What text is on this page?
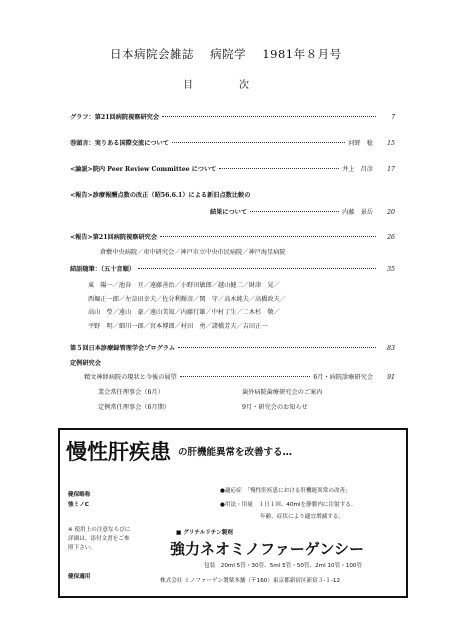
日本病院会雑誌 病院学 1981年８月号
目　次
グラフ：第21回病院視察研究会	7
巻頭言：実りある国際交流について	河野　稔	15
<論説>院内 Peer Review Committee について	井上　昌彦	17
<報告>診療報酬点数の改正（昭56.6.1）による新旧点数比較の
結果について	内藤　景岳	20
<報告>第21回病院視察研究会	26
倉敷中央病院／車中研究会／神戸市立中央市民病院／神戸海星病院
結語随筆：（五十音順）	35
東　陽一／池谷　亘／遠藤善治／小野田敏郎／越山健二／財津　晃／
西堀正一郎／左奈田幸夫／佐分利輝彦／関　守／高木純夫／高橋政夫／
高山　瑩／遠山　豪／遠山美知／内藤行雄／中村丁生／二木杉　敬／
平野　明／細川一郎／宮本博郎／村田　勇／諸橋芳夫／吉田正一
第５回日本診療録管理学会プログラム	83
定例研究会
精文神経病院の現状と今後の展望	6月・病院診療研究会	91
業会常任理事会（6月）	歯外病院歯療研究会のご案内
定例常任理事会（6月期）	9月・研究会のお知らせ
慢性肝疾患 の肝機能異常を改善する…
●適応症　「慢性肝疾患における肝機能異常の改善」
●用法・用量　１日１回、40mlを静脈内に注射する。
年齢、症状により適宜増減する。
健保略称
強ミノC
※ 使用上の注意ならびに詳細は、添付文書をご参照下さい。
健保適用
■ グリチルリチン製剤
強力ネオミノファーゲンシー
包装　20ml 5管・30管、5ml 5管・50管、2ml 10管・100管
株式会社 ミノファーゲン製薬本舗（〒160）東京都新宿区新宿３-１-12
